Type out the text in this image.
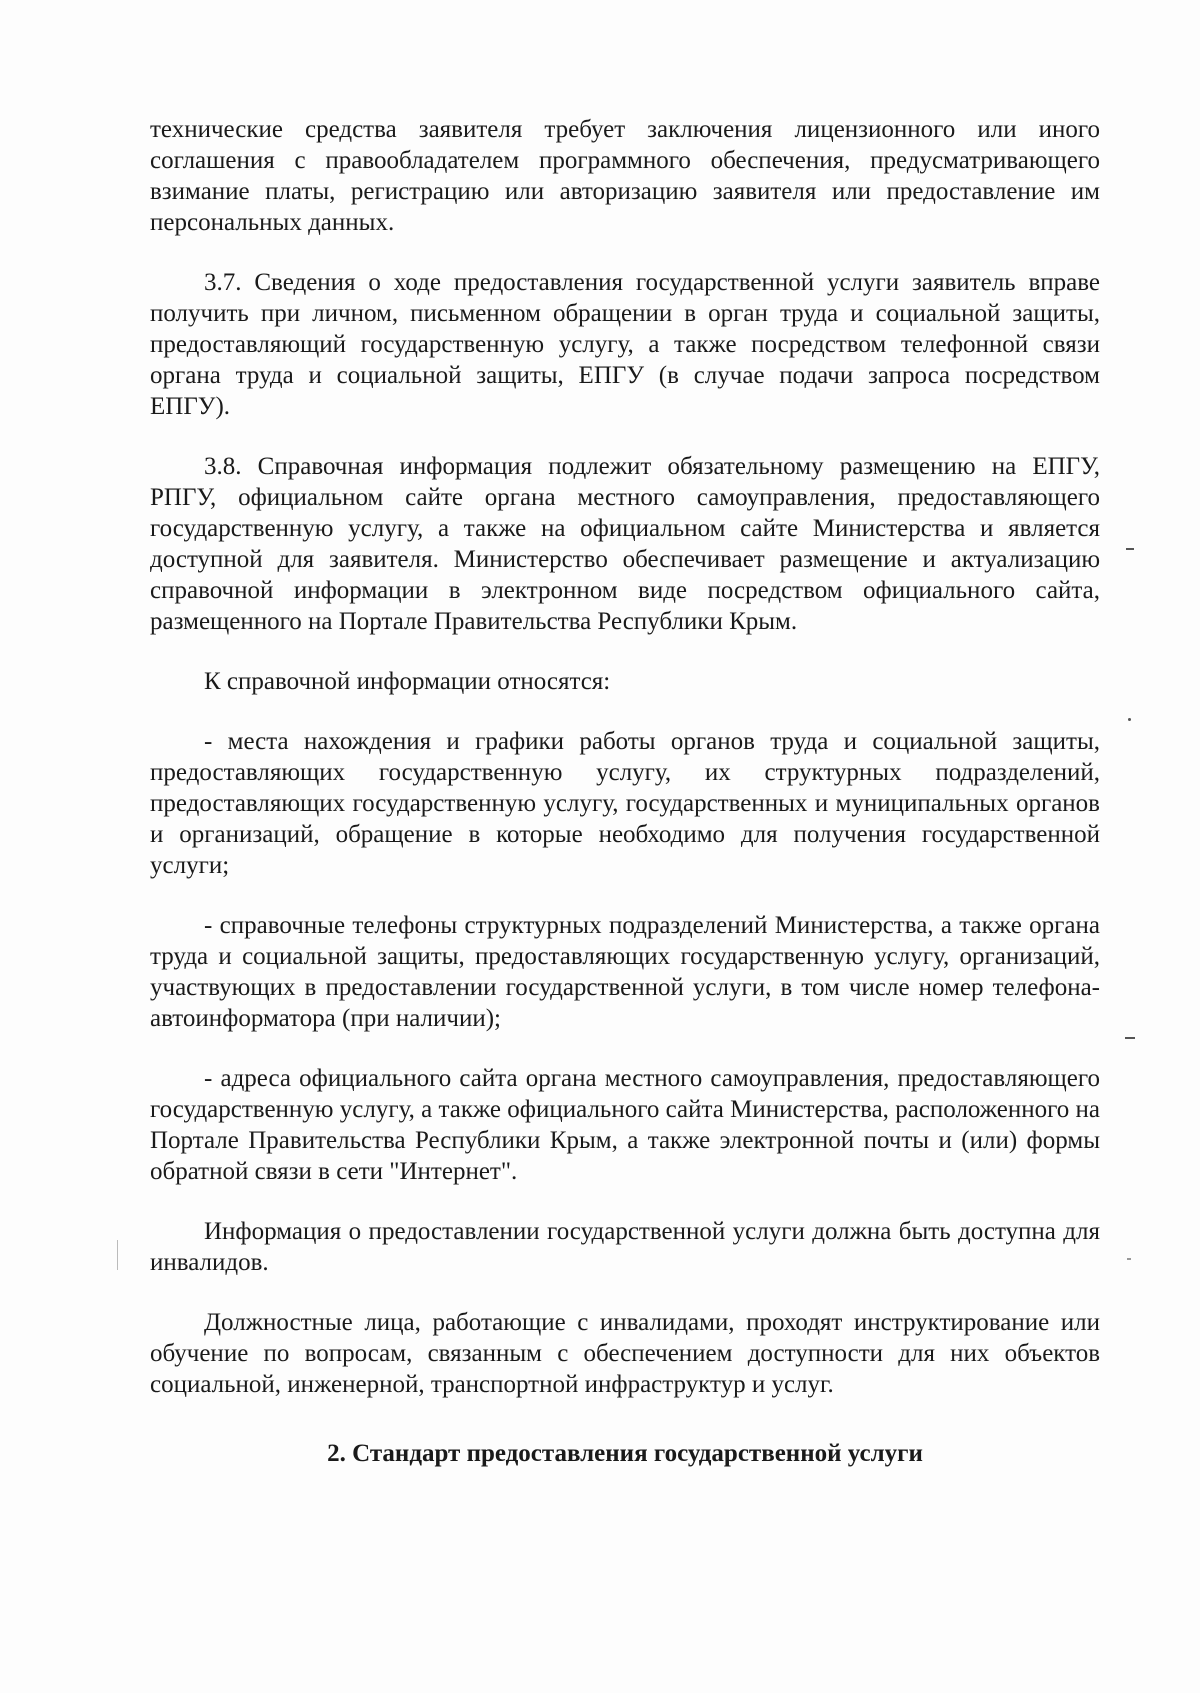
технические средства заявителя требует заключения лицензионного или иного соглашения с правообладателем программного обеспечения, предусматривающего взимание платы, регистрацию или авторизацию заявителя или предоставление им персональных данных.

3.7. Сведения о ходе предоставления государственной услуги заявитель вправе получить при личном, письменном обращении в орган труда и социальной защиты, предоставляющий государственную услугу, а также посредством телефонной связи органа труда и социальной защиты, ЕПГУ (в случае подачи запроса посредством ЕПГУ).

3.8. Справочная информация подлежит обязательному размещению на ЕПГУ, РПГУ, официальном сайте органа местного самоуправления, предоставляющего государственную услугу, а также на официальном сайте Министерства и является доступной для заявителя. Министерство обеспечивает размещение и актуализацию справочной информации в электронном виде посредством официального сайта, размещенного на Портале Правительства Республики Крым.

К справочной информации относятся:

- места нахождения и графики работы органов труда и социальной защиты, предоставляющих государственную услугу, их структурных подразделений, предоставляющих государственную услугу, государственных и муниципальных органов и организаций, обращение в которые необходимо для получения государственной услуги;

- справочные телефоны структурных подразделений Министерства, а также органа труда и социальной защиты, предоставляющих государственную услугу, организаций, участвующих в предоставлении государственной услуги, в том числе номер телефона-автоинформатора (при наличии);

- адреса официального сайта органа местного самоуправления, предоставляющего государственную услугу, а также официального сайта Министерства, расположенного на Портале Правительства Республики Крым, а также электронной почты и (или) формы обратной связи в сети "Интернет".

Информация о предоставлении государственной услуги должна быть доступна для инвалидов.

Должностные лица, работающие с инвалидами, проходят инструктирование или обучение по вопросам, связанным с обеспечением доступности для них объектов социальной, инженерной, транспортной инфраструктур и услуг.

2. Стандарт предоставления государственной услуги
